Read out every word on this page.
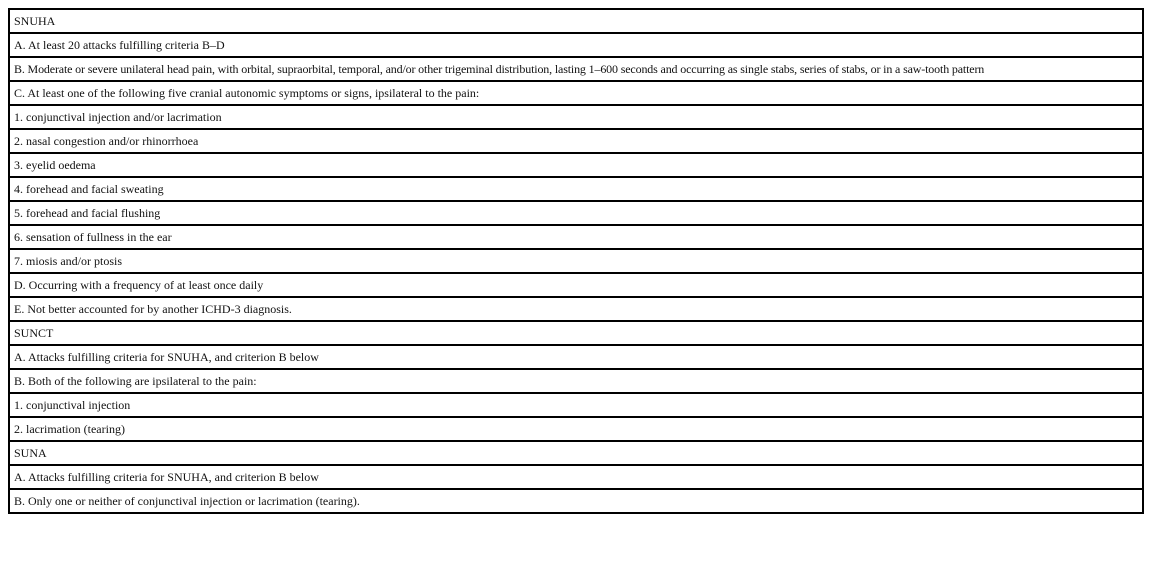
SNUHA
A. At least 20 attacks fulfilling criteria B–D
B. Moderate or severe unilateral head pain, with orbital, supraorbital, temporal, and/or other trigeminal distribution, lasting 1–600 seconds and occurring as single stabs, series of stabs, or in a saw-tooth pattern
C. At least one of the following five cranial autonomic symptoms or signs, ipsilateral to the pain:
1. conjunctival injection and/or lacrimation
2. nasal congestion and/or rhinorrhoea
3. eyelid oedema
4. forehead and facial sweating
5. forehead and facial flushing
6. sensation of fullness in the ear
7. miosis and/or ptosis
D. Occurring with a frequency of at least once daily
E. Not better accounted for by another ICHD-3 diagnosis.
SUNCT
A. Attacks fulfilling criteria for SNUHA, and criterion B below
B. Both of the following are ipsilateral to the pain:
1. conjunctival injection
2. lacrimation (tearing)
SUNA
A. Attacks fulfilling criteria for SNUHA, and criterion B below
B. Only one or neither of conjunctival injection or lacrimation (tearing).
